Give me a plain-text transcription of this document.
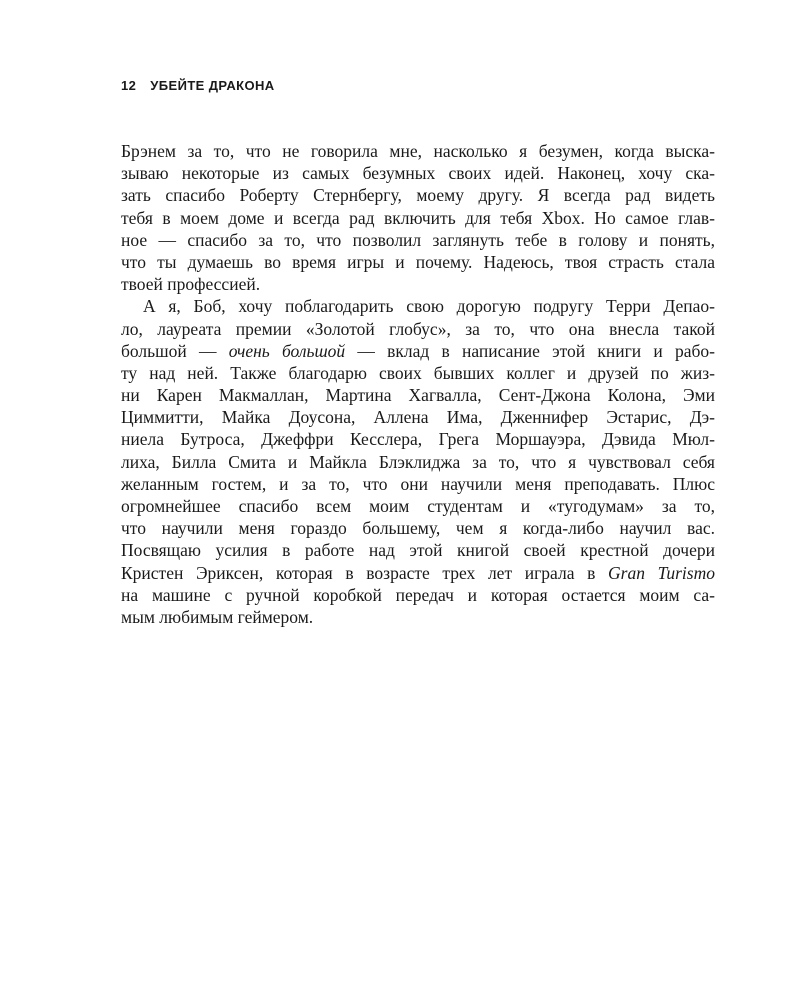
12 УБЕЙТЕ ДРАКОНА
Брэнем за то, что не говорила мне, насколько я безумен, когда выска-
зываю некоторые из самых безумных своих идей. Наконец, хочу ска-
зать спасибо Роберту Стернбергу, моему другу. Я всегда рад видеть
тебя в моем доме и всегда рад включить для тебя Xbox. Но самое глав-
ное — спасибо за то, что позволил заглянуть тебе в голову и понять,
что ты думаешь во время игры и почему. Надеюсь, твоя страсть стала
твоей профессией.
А я, Боб, хочу поблагодарить свою дорогую подругу Терри Депао-
ло, лауреата премии «Золотой глобус», за то, что она внесла такой
большой — очень большой — вклад в написание этой книги и рабо-
ту над ней. Также благодарю своих бывших коллег и друзей по жиз-
ни Карен Макмаллан, Мартина Хагвалла, Сент-Джона Колона, Эми
Циммитти, Майка Доусона, Аллена Има, Дженнифер Эстарис, Дэ-
ниела Бутроса, Джеффри Кесслера, Грега Моршауэра, Дэвида Мюл-
лиха, Билла Смита и Майкла Блэклиджа за то, что я чувствовал себя
желанным гостем, и за то, что они научили меня преподавать. Плюс
огромнейшее спасибо всем моим студентам и «тугодумам» за то,
что научили меня гораздо большему, чем я когда-либо научил вас.
Посвящаю усилия в работе над этой книгой своей крестной дочери
Кристен Эриксен, которая в возрасте трех лет играла в Gran Turismo
на машине с ручной коробкой передач и которая остается моим са-
мым любимым геймером.
